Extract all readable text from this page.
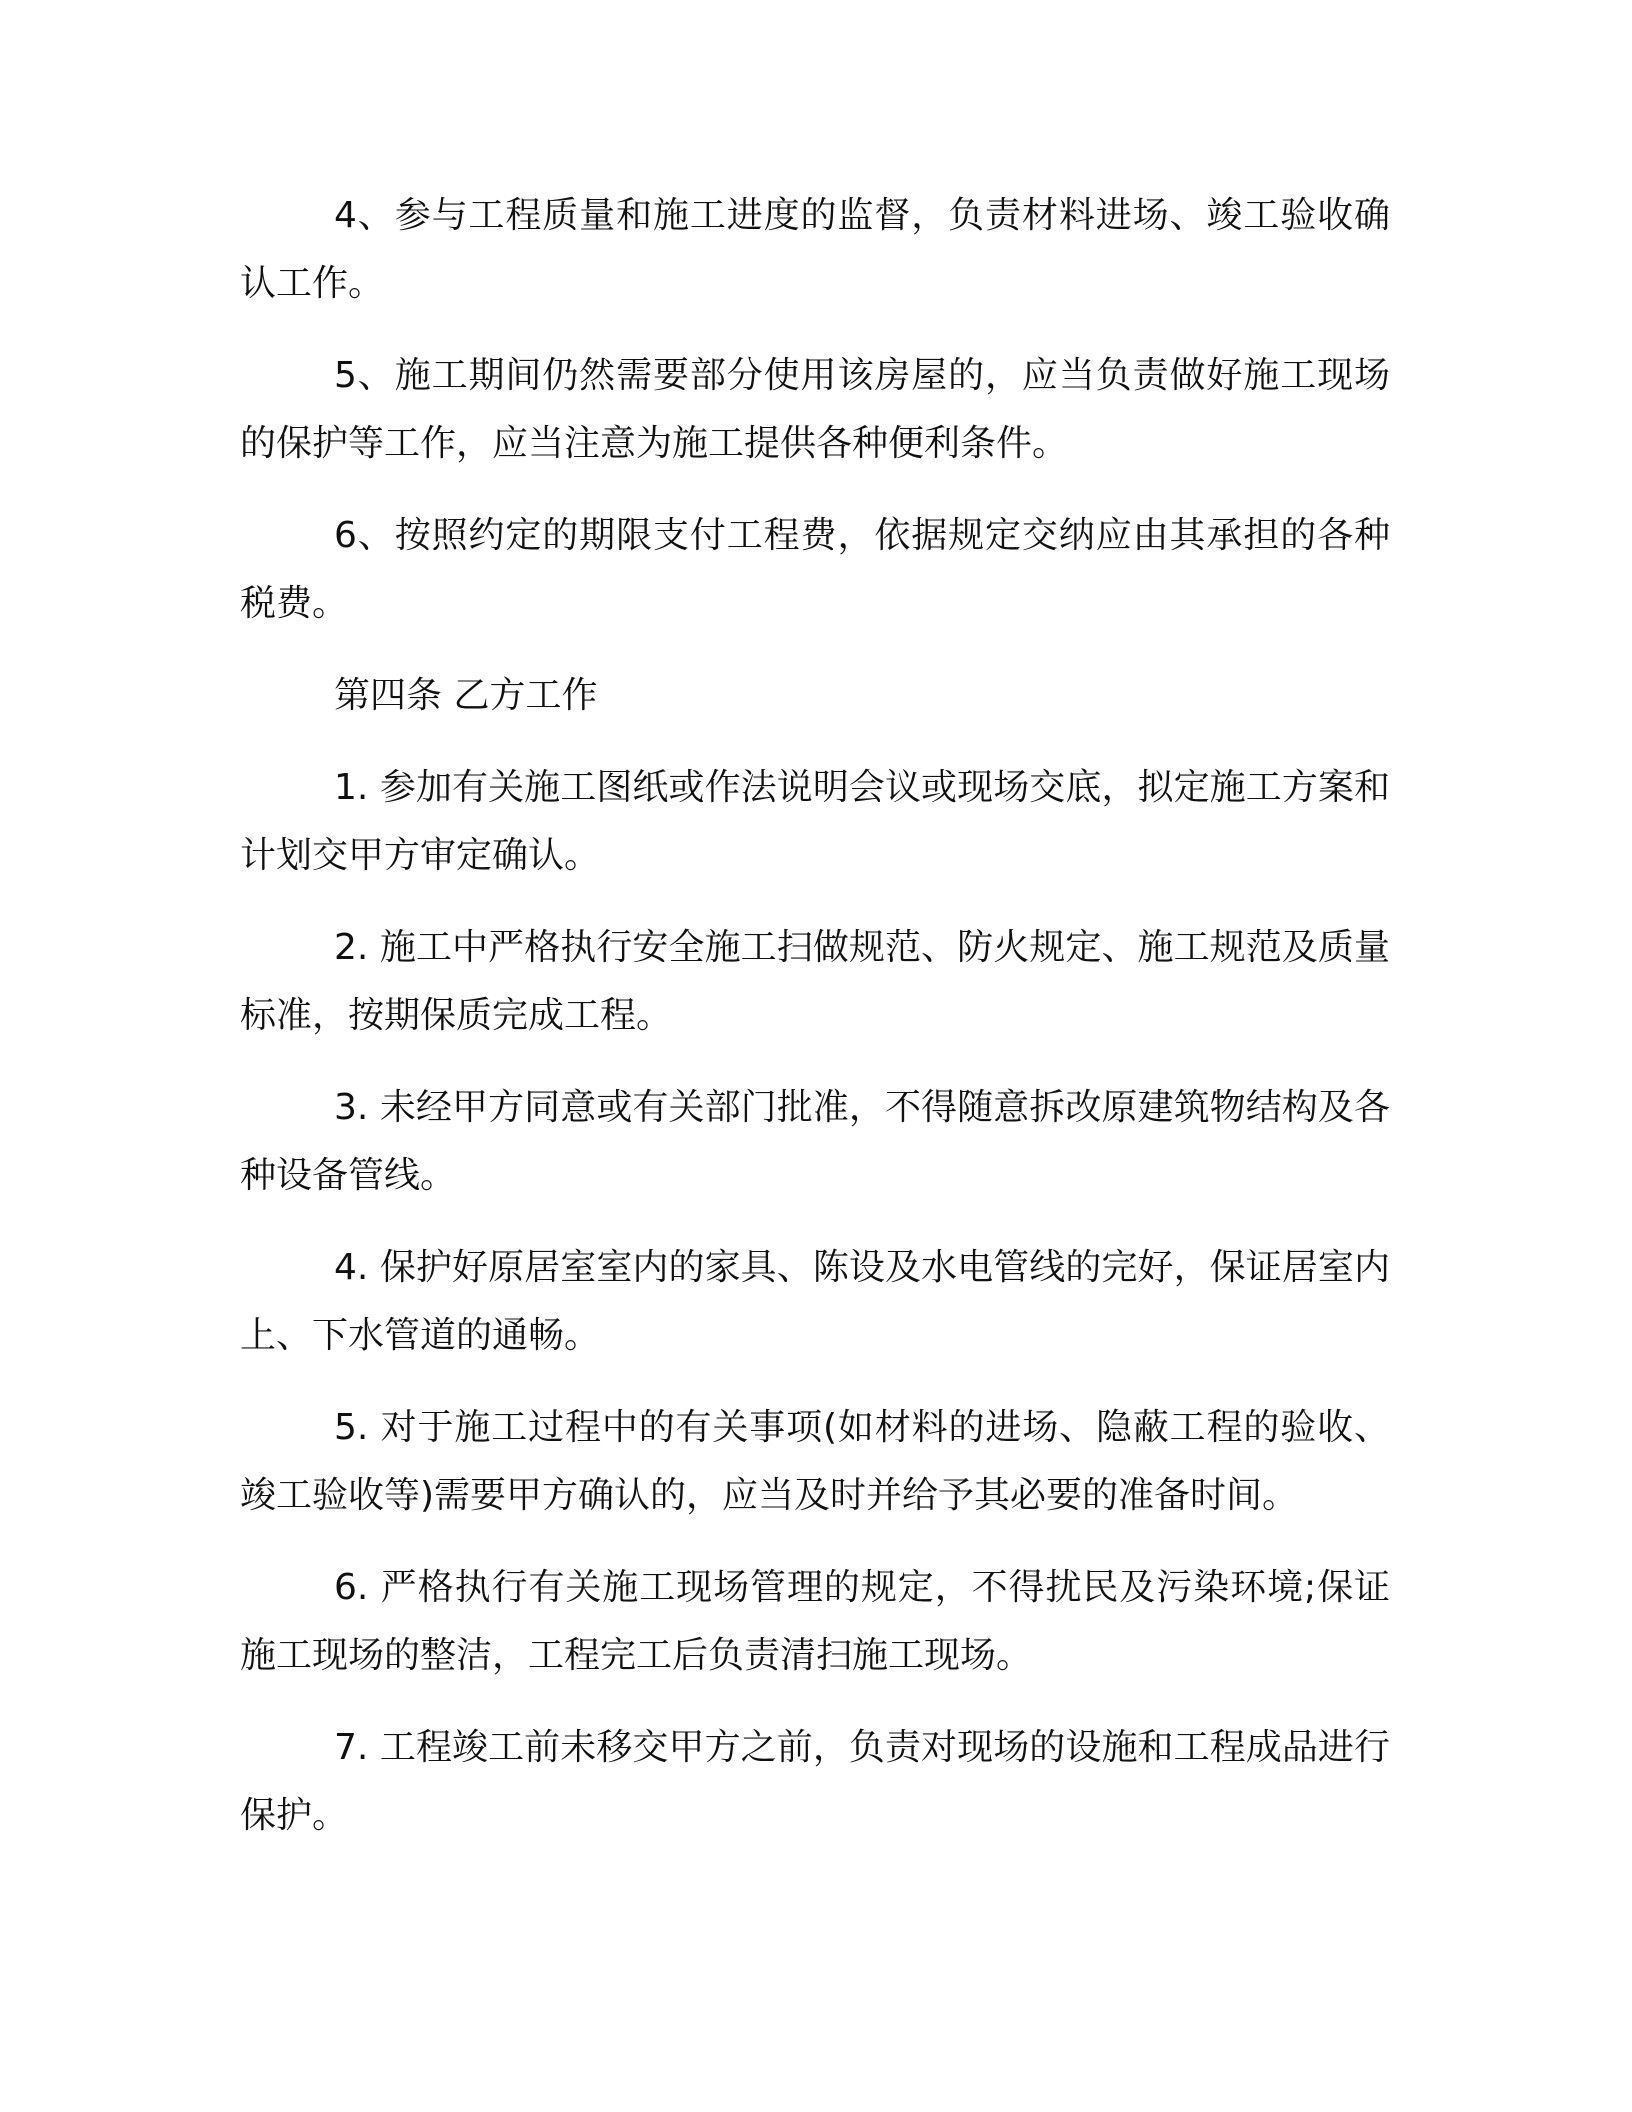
4、参与工程质量和施工进度的监督，负责材料进场、竣工验收确认工作。

5、施工期间仍然需要部分使用该房屋的，应当负责做好施工现场的保护等工作，应当注意为施工提供各种便利条件。

6、按照约定的期限支付工程费，依据规定交纳应由其承担的各种税费。

第四条 乙方工作

1. 参加有关施工图纸或作法说明会议或现场交底，拟定施工方案和计划交甲方审定确认。

2. 施工中严格执行安全施工扫做规范、防火规定、施工规范及质量标准，按期保质完成工程。

3. 未经甲方同意或有关部门批准，不得随意拆改原建筑物结构及各种设备管线。

4. 保护好原居室室内的家具、陈设及水电管线的完好，保证居室内上、下水管道的通畅。

5. 对于施工过程中的有关事项(如材料的进场、隐蔽工程的验收、竣工验收等)需要甲方确认的，应当及时并给予其必要的准备时间。

6. 严格执行有关施工现场管理的规定，不得扰民及污染环境;保证施工现场的整洁，工程完工后负责清扫施工现场。

7. 工程竣工前未移交甲方之前，负责对现场的设施和工程成品进行保护。
